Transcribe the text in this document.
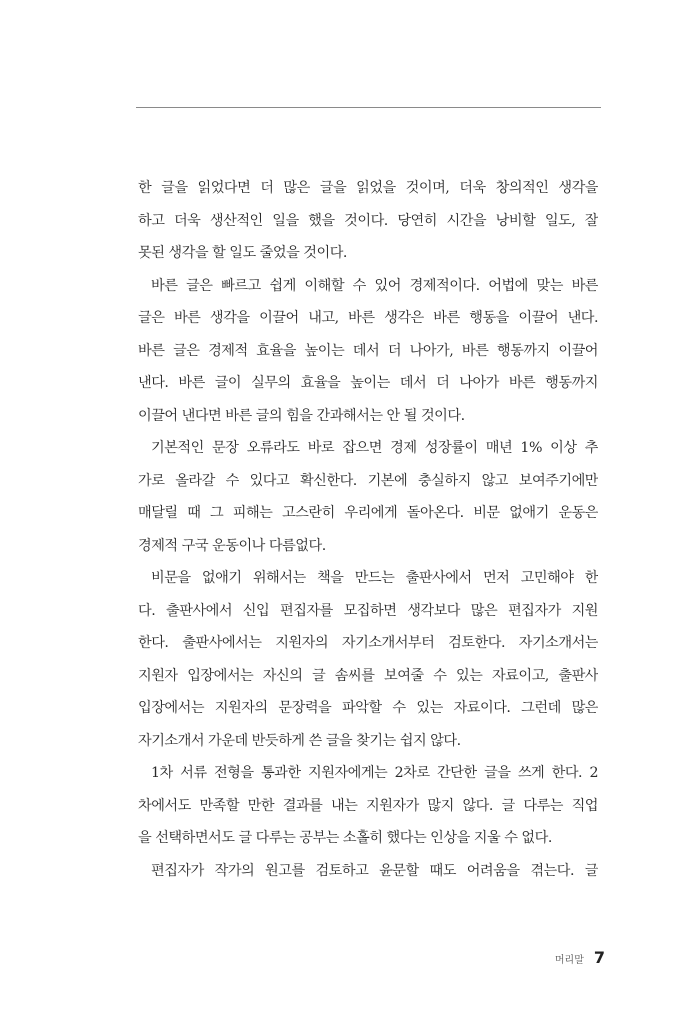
한 글을 읽었다면 더 많은 글을 읽었을 것이며, 더욱 창의적인 생각을
하고 더욱 생산적인 일을 했을 것이다. 당연히 시간을 낭비할 일도, 잘
못된 생각을 할 일도 줄었을 것이다.
바른 글은 빠르고 쉽게 이해할 수 있어 경제적이다. 어법에 맞는 바른
글은 바른 생각을 이끌어 내고, 바른 생각은 바른 행동을 이끌어 낸다.
바른 글은 경제적 효율을 높이는 데서 더 나아가, 바른 행동까지 이끌어
낸다. 바른 글이 실무의 효율을 높이는 데서 더 나아가 바른 행동까지
이끌어 낸다면 바른 글의 힘을 간과해서는 안 될 것이다.
기본적인 문장 오류라도 바로 잡으면 경제 성장률이 매년 1% 이상 추
가로 올라갈 수 있다고 확신한다. 기본에 충실하지 않고 보여주기에만
매달릴 때 그 피해는 고스란히 우리에게 돌아온다. 비문 없애기 운동은
경제적 구국 운동이나 다름없다.
비문을 없애기 위해서는 책을 만드는 출판사에서 먼저 고민해야 한
다. 출판사에서 신입 편집자를 모집하면 생각보다 많은 편집자가 지원
한다. 출판사에서는 지원자의 자기소개서부터 검토한다. 자기소개서는
지원자 입장에서는 자신의 글 솜씨를 보여줄 수 있는 자료이고, 출판사
입장에서는 지원자의 문장력을 파악할 수 있는 자료이다. 그런데 많은
자기소개서 가운데 반듯하게 쓴 글을 찾기는 쉽지 않다.
1차 서류 전형을 통과한 지원자에게는 2차로 간단한 글을 쓰게 한다. 2
차에서도 만족할 만한 결과를 내는 지원자가 많지 않다. 글 다루는 직업
을 선택하면서도 글 다루는 공부는 소홀히 했다는 인상을 지울 수 없다.
편집자가 작가의 원고를 검토하고 윤문할 때도 어려움을 겪는다. 글
머리말 7
